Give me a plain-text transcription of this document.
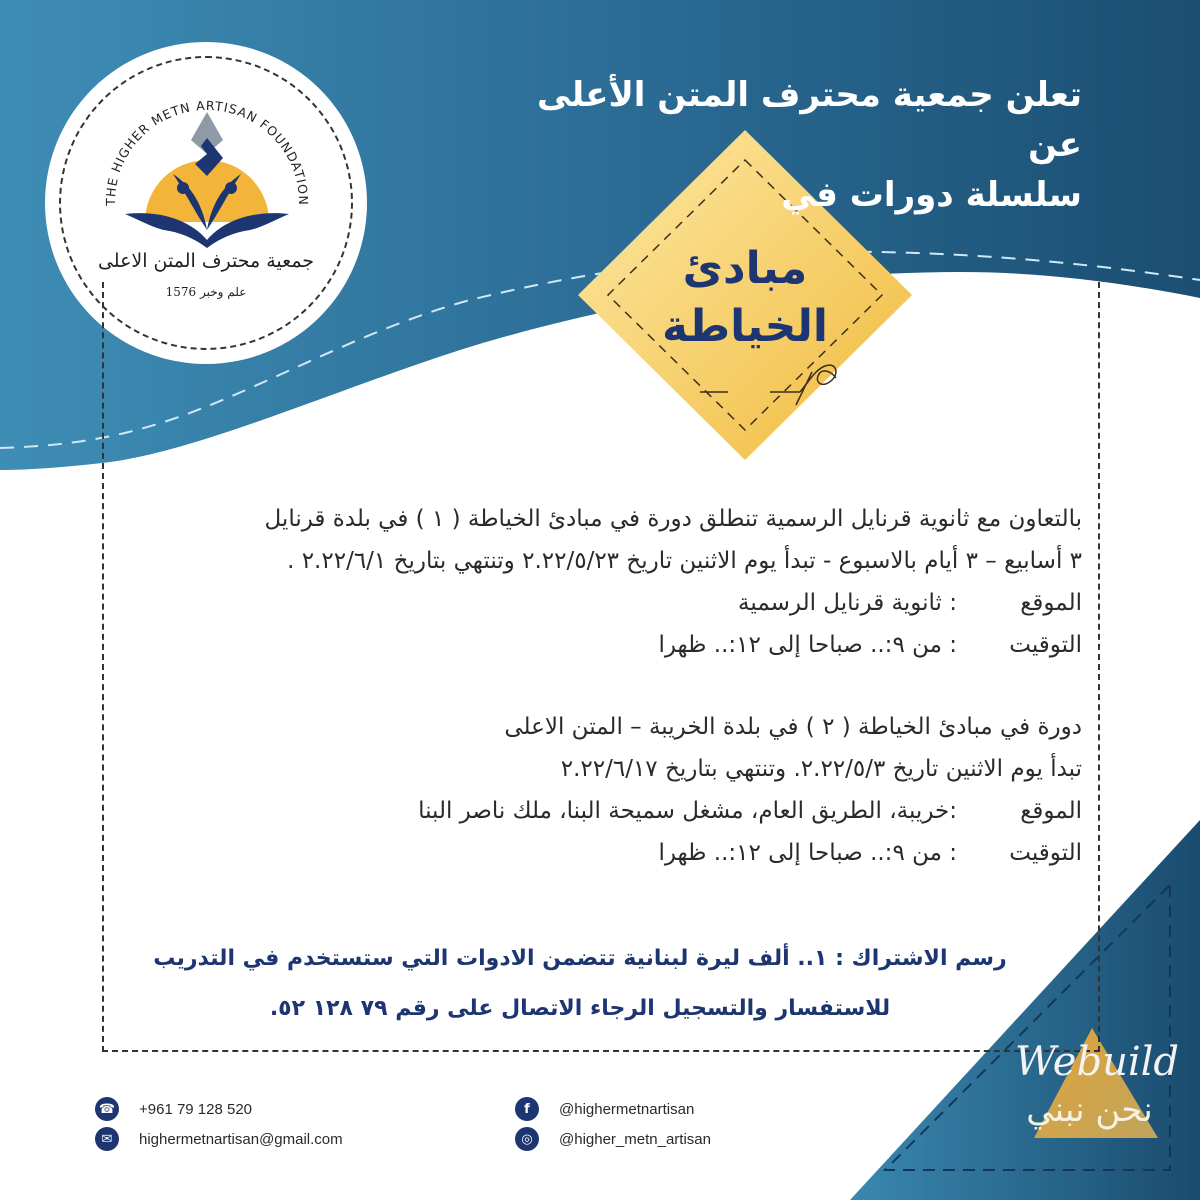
THE HIGHER METN ARTISAN FOUNDATION
جمعية محترف المتن الاعلى
علم وخبر 1576
تعلن جمعية محترف المتن الأعلى عن
سلسلة دورات في
مبادئ
الخياطة
بالتعاون مع ثانوية قرنايل الرسمية تنطلق دورة في مبادئ الخياطة ( ١ ) في بلدة قرنايل
٣ أسابيع – ٣ أيام بالاسبوع - تبدأ يوم الاثنين تاريخ ٢.٢٢/٥/٢٣ وتنتهي بتاريخ ٢.٢٢/٦/١ .
الموقع
: ثانوية قرنايل الرسمية
التوقيت
: من ٩:.. صباحا إلى ١٢:.. ظهرا
دورة في مبادئ الخياطة ( ٢ ) في بلدة الخريبة – المتن الاعلى
تبدأ يوم الاثنين تاريخ ٢.٢٢/٥/٣. وتنتهي بتاريخ ٢.٢٢/٦/١٧
الموقع
:خريبة، الطريق العام، مشغل سميحة البنا، ملك ناصر البنا
التوقيت
: من ٩:.. صباحا إلى ١٢:.. ظهرا
رسم الاشتراك : ١.. ألف ليرة لبنانية تتضمن الادوات التي ستستخدم في التدريب
للاستفسار والتسجيل الرجاء الاتصال على رقم ٧٩ ١٢٨ ٥٢.
☎ +961 79 128 520
✉	highermetnartisan@gmail.com
f	@highermetnartisan
◎	@higher_metn_artisan
Webuild
نحن نبني
